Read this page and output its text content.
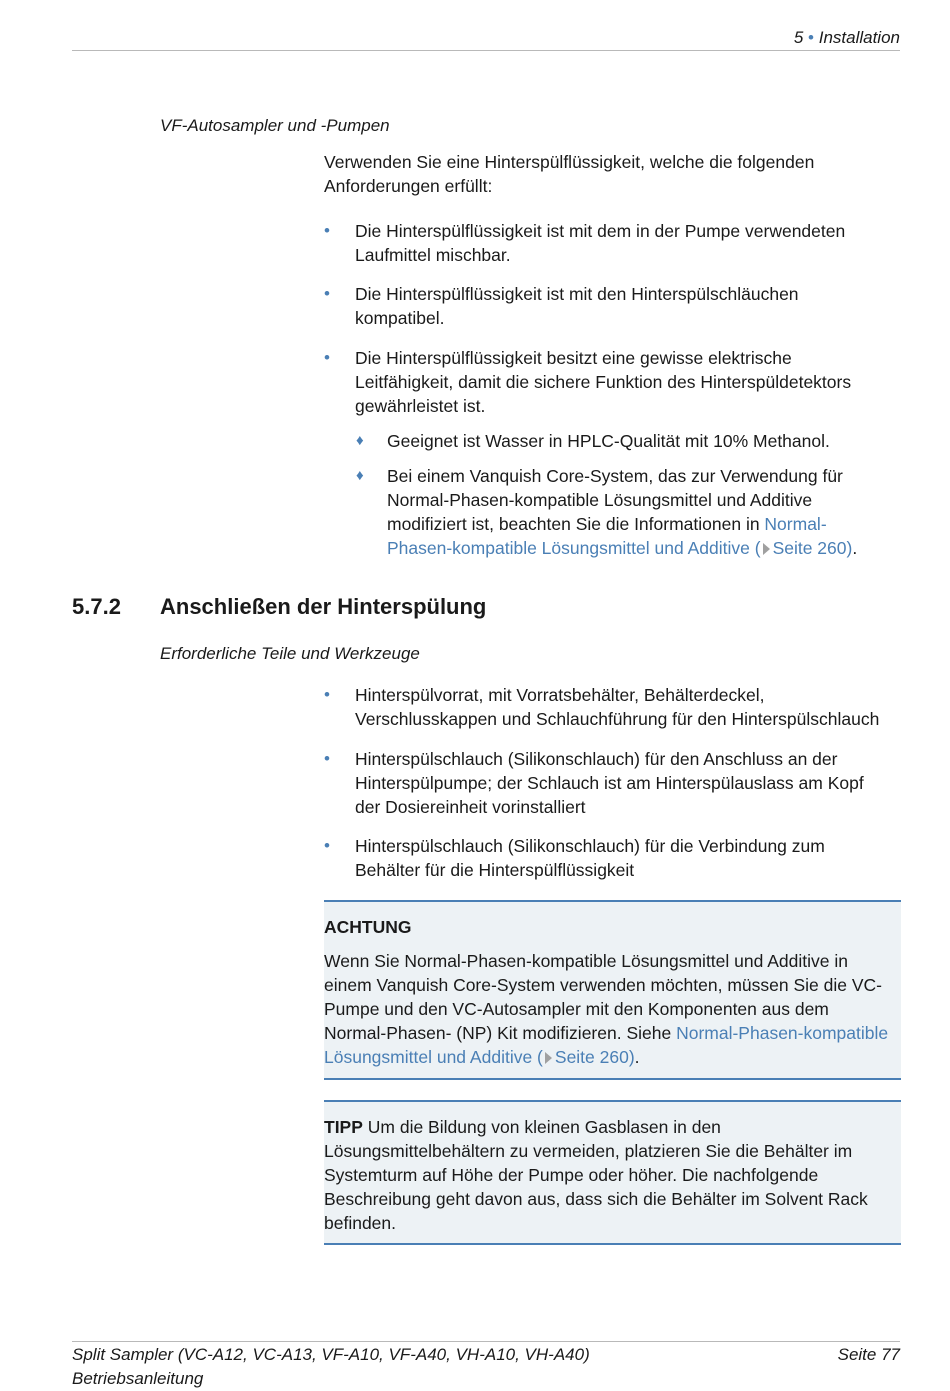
5 • Installation
VF-Autosampler und -Pumpen
Verwenden Sie eine Hinterspülflüssigkeit, welche die folgenden Anforderungen erfüllt:
•	Die Hinterspülflüssigkeit ist mit dem in der Pumpe verwendeten Laufmittel mischbar.
•	Die Hinterspülflüssigkeit ist mit den Hinterspülschläuchen kompatibel.
•	Die Hinterspülflüssigkeit besitzt eine gewisse elektrische Leitfähigkeit, damit die sichere Funktion des Hinterspüldetektors gewährleistet ist.
♦	Geeignet ist Wasser in HPLC-Qualität mit 10% Methanol.
♦	Bei einem Vanquish Core-System, das zur Verwendung für Normal-Phasen-kompatible Lösungsmittel und Additive modifiziert ist, beachten Sie die Informationen in Normal-Phasen-kompatible Lösungsmittel und Additive ( Seite 260).
5.7.2 Anschließen der Hinterspülung
Erforderliche Teile und Werkzeuge
•	Hinterspülvorrat, mit Vorratsbehälter, Behälterdeckel, Verschlusskappen und Schlauchführung für den Hinterspülschlauch
•	Hinterspülschlauch (Silikonschlauch) für den Anschluss an der Hinterspülpumpe; der Schlauch ist am Hinterspülauslass am Kopf der Dosiereinheit vorinstalliert
•	Hinterspülschlauch (Silikonschlauch) für die Verbindung zum Behälter für die Hinterspülflüssigkeit
ACHTUNG
Wenn Sie Normal-Phasen-kompatible Lösungsmittel und Additive in einem Vanquish Core-System verwenden möchten, müssen Sie die VC-Pumpe und den VC-Autosampler mit den Komponenten aus dem Normal-Phasen- (NP) Kit modifizieren. Siehe Normal-Phasen-kompatible Lösungsmittel und Additive ( Seite 260).
TIPP Um die Bildung von kleinen Gasblasen in den Lösungsmittelbehältern zu vermeiden, platzieren Sie die Behälter im Systemturm auf Höhe der Pumpe oder höher. Die nachfolgende Beschreibung geht davon aus, dass sich die Behälter im Solvent Rack befinden.
Split Sampler (VC-A12, VC-A13, VF-A10, VF-A40, VH-A10, VH-A40)
Betriebsanleitung
Seite 77
